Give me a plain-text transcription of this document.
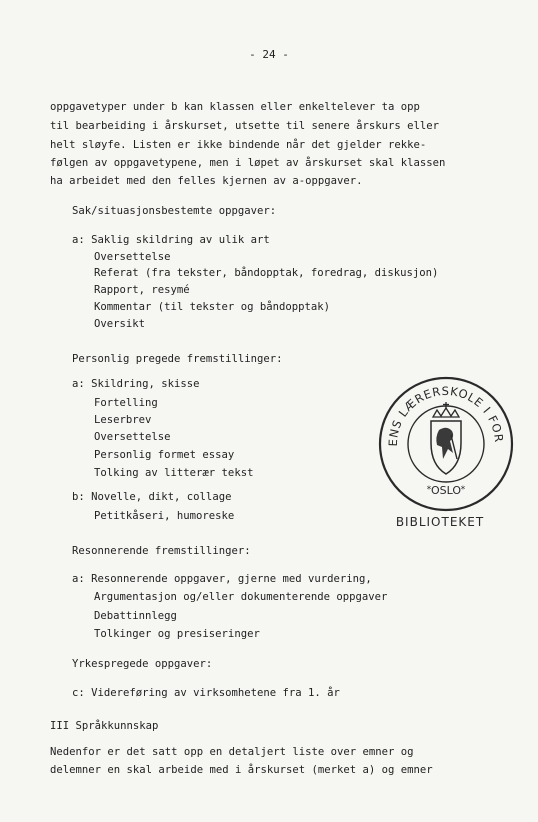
- 24 -
oppgavetyper under b kan klassen eller enkeltelever ta opp
til bearbeiding i årskurset, utsette til senere årskurs eller
helt sløyfe. Listen er ikke bindende når det gjelder rekke-
følgen av oppgavetypene, men i løpet av årskurset skal klassen
ha arbeidet med den felles kjernen av a-oppgaver.
Sak/situasjonsbestemte oppgaver:
a: Saklig skildring av ulik art
Oversettelse
Referat (fra tekster, båndopptak, foredrag, diskusjon)
Rapport, resymé
Kommentar (til tekster og båndopptak)
Oversikt
Personlig pregede fremstillinger:
a: Skildring, skisse
Fortelling
Leserbrev
Oversettelse
Personlig formet essay
Tolking av litterær tekst
b: Novelle, dikt, collage
Petitkåseri, humoreske
Resonnerende fremstillinger:
a: Resonnerende oppgaver, gjerne med vurdering,
Argumentasjon og/eller dokumenterende oppgaver
Debattinnlegg
Tolkinger og presiseringer
Yrkespregede oppgaver:
c: Videreføring av virksomhetene fra 1. år
III Språkkunnskap
Nedenfor er det satt opp en detaljert liste over emner og
delemner en skal arbeide med i årskurset (merket a) og emner
ENS LÆRERSKOLE I FOR
OSLO
*	*
BIBLIOTEKET
